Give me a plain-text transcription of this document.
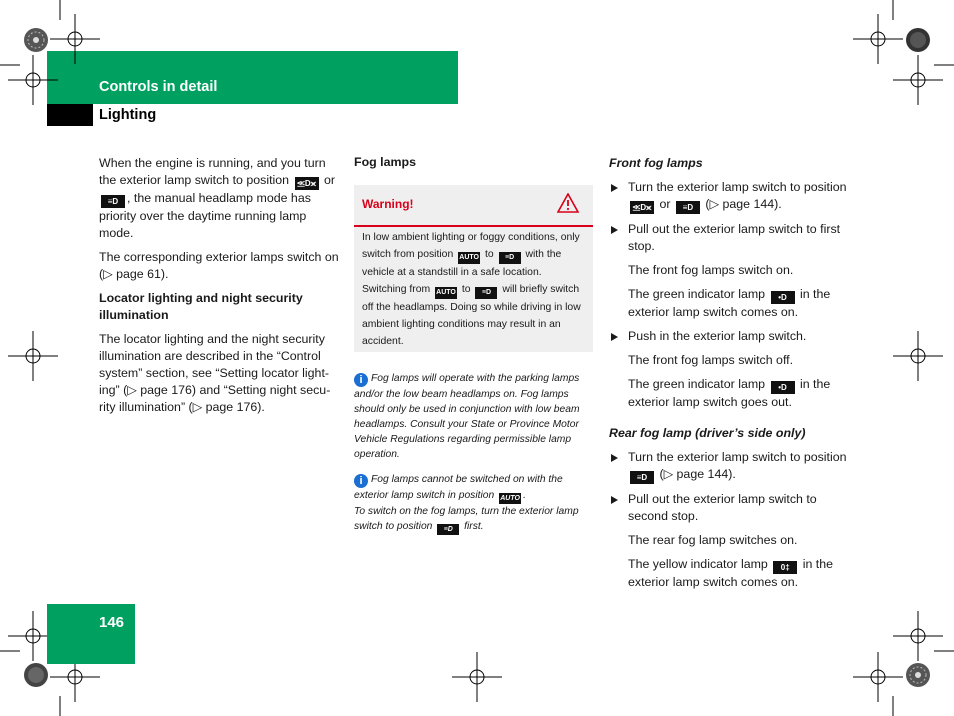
Controls in detail
Lighting

When the engine is running, and you turn the exterior lamp switch to position ⪣D⪤ or ≡D , the manual headlamp mode has priority over the daytime running lamp mode.

The corresponding exterior lamps switch on (▷ page 61).

Locator lighting and night security illumination

The locator lighting and the night security illumination are described in the “Control system” section, see “Setting locator light-ing” (▷ page 176) and “Setting night secu-rity illumination” (▷ page 176).

Fog lamps
Warning!
In low ambient lighting or foggy conditions, only switch from position AUTO to ≡D with the vehicle at a standstill in a safe location. Switching from AUTO to ≡D will briefly switch off the headlamps. Doing so while driving in low ambient lighting conditions may result in an accident.
i Fog lamps will operate with the parking lamps and/or the low beam headlamps on. Fog lamps should only be used in conjunction with low beam headlamps. Consult your State or Province Motor Vehicle Regulations regarding permissible lamp operation.
i Fog lamps cannot be switched on with the exterior lamp switch in position AUTO .
To switch on the fog lamps, turn the exterior lamp switch to position ≡D first.

Front fog lamps

Turn the exterior lamp switch to position ⪣D⪤ or ≡D (▷ page 144).

Pull out the exterior lamp switch to first stop.

The front fog lamps switch on.

The green indicator lamp •D in the exterior lamp switch comes on.

Push in the exterior lamp switch.

The front fog lamps switch off.

The green indicator lamp •D in the exterior lamp switch goes out.

Rear fog lamp (driver’s side only)

Turn the exterior lamp switch to position ≡D (▷ page 144).

Pull out the exterior lamp switch to second stop.

The rear fog lamp switches on.

The yellow indicator lamp 0‡ in the exterior lamp switch comes on.

146
